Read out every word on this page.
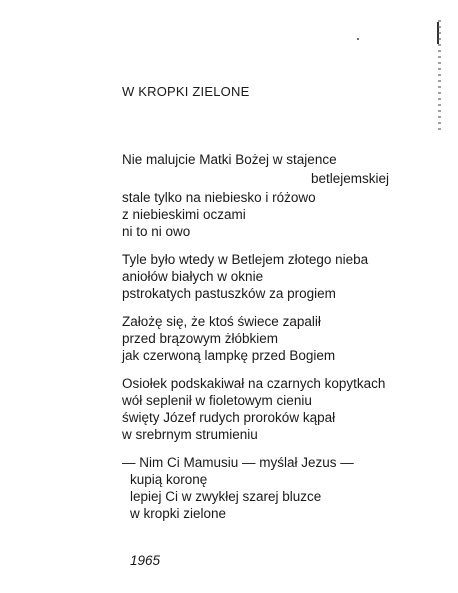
W KROPKI ZIELONE
Nie malujcie Matki Bożej w stajence
betlejemskiej
stale tylko na niebiesko i różowo
z niebieskimi oczami
ni to ni owo
Tyle było wtedy w Betlejem złotego nieba
aniołów białych w oknie
pstrokatych pastuszków za progiem
Założę się, że ktoś świece zapalił
przed brązowym żłóbkiem
jak czerwoną lampkę przed Bogiem
Osiołek podskakiwał na czarnych kopytkach
wół seplenił w fioletowym cieniu
święty Józef rudych proroków kąpał
w srebrnym strumieniu
— Nim Ci Mamusiu — myślał Jezus —
kupią koronę
lepiej Ci w zwykłej szarej bluzce
w kropki zielone
1965
